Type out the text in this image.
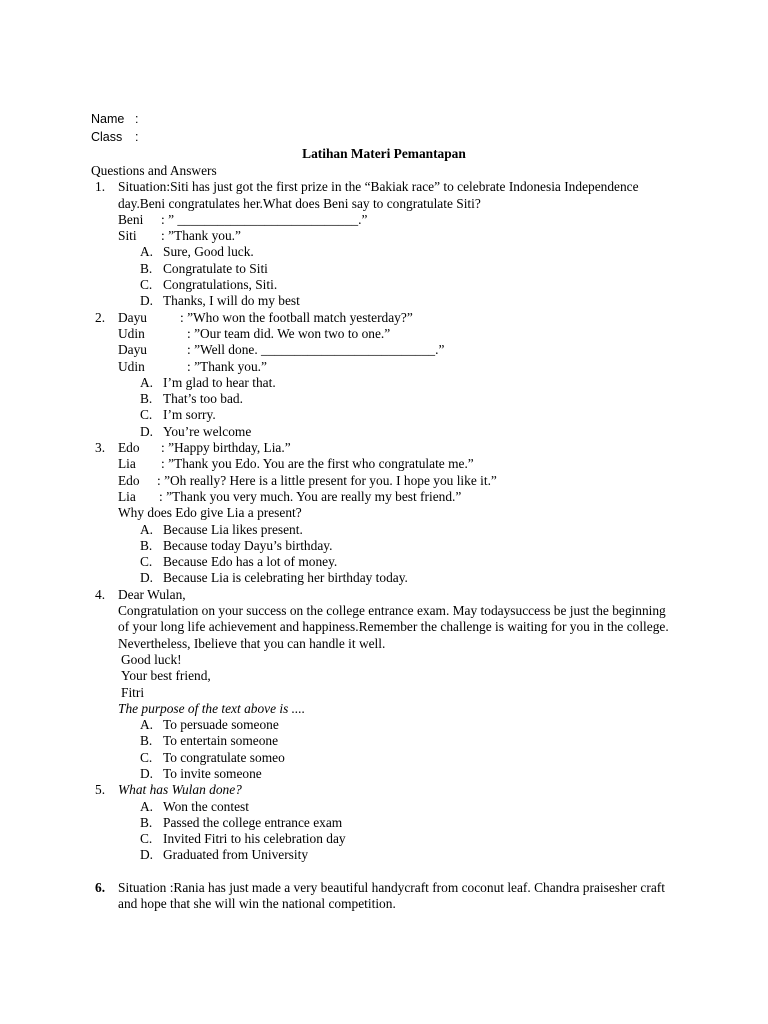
Name :
Class :
Latihan Materi Pemantapan
Questions and Answers
1. Situation:Siti has just got the first prize in the “Bakiak race” to celebrate Indonesia Independence day.Beni congratulates her.What does Beni say to congratulate Siti?
Beni	: ” ___________________________.”
Siti	: ”Thank you.”
A. Sure, Good luck.
B. Congratulate to Siti
C. Congratulations, Siti.
D. Thanks, I will do my best
2. Dayu	: ”Who won the football match yesterday?”
Udin	: ”Our team did. We won two to one.”
Dayu	: ”Well done. __________________________.”
Udin	: ”Thank you.”
A. I’m glad to hear that.
B. That’s too bad.
C. I’m sorry.
D. You’re welcome
3. Edo	: ”Happy birthday, Lia.”
Lia	: ”Thank you Edo. You are the first who congratulate me.”
Edo	: ”Oh really? Here is a little present for you. I hope you like it.”
Lia	: ”Thank you very much. You are really my best friend.”
Why does Edo give Lia a present?
A. Because Lia likes present.
B. Because today Dayu’s birthday.
C. Because Edo has a lot of money.
D. Because Lia is celebrating her birthday today.
4. Dear Wulan,
Congratulation on your success on the college entrance exam. May todaysuccess be just the beginning of your long life achievement and happiness.Remember the challenge is waiting for you in the college. Nevertheless, Ibelieve that you can handle it well.
Good luck!
Your best friend,
Fitri
The purpose of the text above is ....
A. To persuade someone
B. To entertain someone
C. To congratulate someo
D. To invite someone
5. What has Wulan done?
A. Won the contest
B. Passed the college entrance exam
C. Invited Fitri to his celebration day
D. Graduated from University
6. Situation :Rania has just made a very beautiful handycraft from coconut leaf. Chandra praisesher craft and hope that she will win the national competition.
